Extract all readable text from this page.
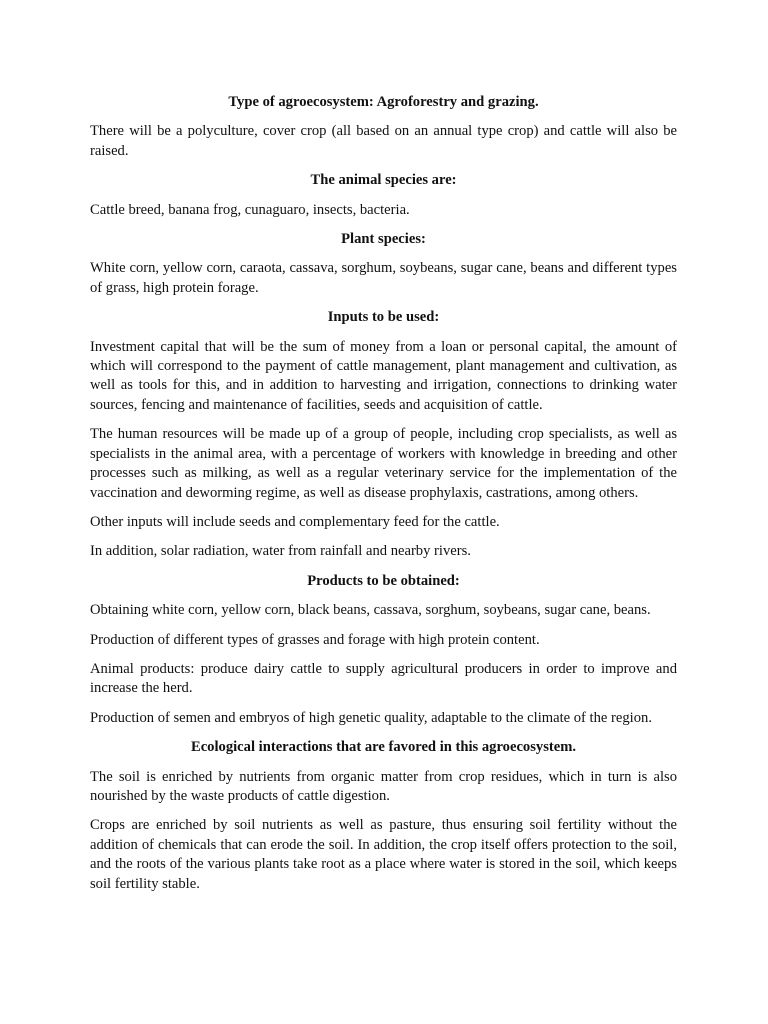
Type of agroecosystem: Agroforestry and grazing.

There will be a polyculture, cover crop (all based on an annual type crop) and cattle will also be raised.

The animal species are:

Cattle breed, banana frog, cunaguaro, insects, bacteria.

Plant species:

White corn, yellow corn, caraota, cassava, sorghum, soybeans, sugar cane, beans and different types of grass, high protein forage.

Inputs to be used:

Investment capital that will be the sum of money from a loan or personal capital, the amount of which will correspond to the payment of cattle management, plant management and cultivation, as well as tools for this, and in addition to harvesting and irrigation, connections to drinking water sources, fencing and maintenance of facilities, seeds and acquisition of cattle.

The human resources will be made up of a group of people, including crop specialists, as well as specialists in the animal area, with a percentage of workers with knowledge in breeding and other processes such as milking, as well as a regular veterinary service for the implementation of the vaccination and deworming regime, as well as disease prophylaxis, castrations, among others.

Other inputs will include seeds and complementary feed for the cattle.

In addition, solar radiation, water from rainfall and nearby rivers.

Products to be obtained:

Obtaining white corn, yellow corn, black beans, cassava, sorghum, soybeans, sugar cane, beans.

Production of different types of grasses and forage with high protein content.

Animal products: produce dairy cattle to supply agricultural producers in order to improve and increase the herd.

Production of semen and embryos of high genetic quality, adaptable to the climate of the region.

Ecological interactions that are favored in this agroecosystem.

The soil is enriched by nutrients from organic matter from crop residues, which in turn is also nourished by the waste products of cattle digestion.

Crops are enriched by soil nutrients as well as pasture, thus ensuring soil fertility without the addition of chemicals that can erode the soil. In addition, the crop itself offers protection to the soil, and the roots of the various plants take root as a place where water is stored in the soil, which keeps soil fertility stable.
